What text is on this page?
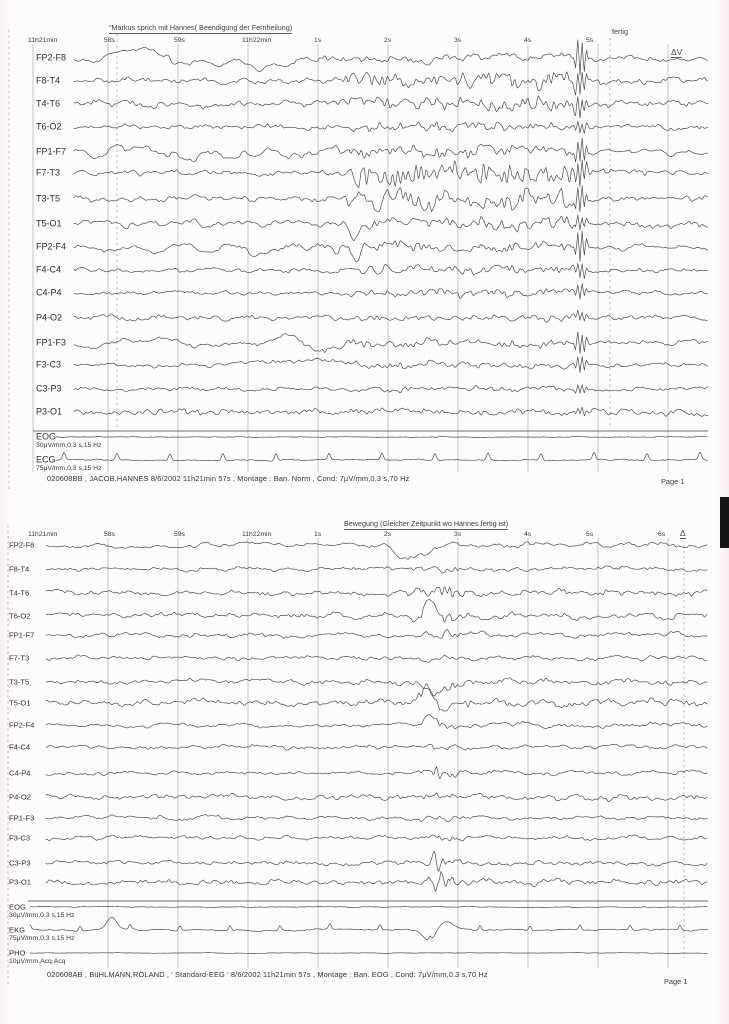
11h21min	58s	59s	11h22min	1s	2s	3s	4s	5s
FP2-F8
F8-T4
T4-T6
T6-O2
FP1-F7
F7-T3
T3-T5
T5-O1
FP2-F4
F4-C4
C4-P4
P4-O2
FP1-F3
F3-C3
C3-P3
P3-O1
EOG
30µV/mm,0.3 s,15 Hz
ECG
75µV/mm,0.3 s,15 Hz
11h21min	58s	59s	11h22min	1s	2s	3s	4s	5s	6s
FP2-F8
F8-T4
T4-T6
T6-O2
FP1-F7
F7-T3
T3-T5
T5-O1
FP2-F4
F4-C4
C4-P4
P4-O2
FP1-F3
F3-C3
C3-P3
P3-O1
EOG
30µV/mm,0.3 s,15 Hz
EKG
75µV/mm,0.3 s,15 Hz
PHO
10µV/mm,Acq,Acq
"Markus sprich mit Hannes( Beendigung der Fernheilung)	fertig
ΔV
Bewegung (Gleicher Zeitpunkt wo Hannes fertig ist)
Δ
020608BB , JACOB,HANNES 8/6/2002 11h21min 57s , Montage : Ban. Norm , Cond: 7µV/mm,0.3 s,70 Hz	Page 1
020608AB , BüHLMANN,ROLAND , ' Standard-EEG ' 8/6/2002 11h21min 57s , Montage : Ban. EOG , Cond: 7µV/mm,0.3 s,70 Hz
Page 1
